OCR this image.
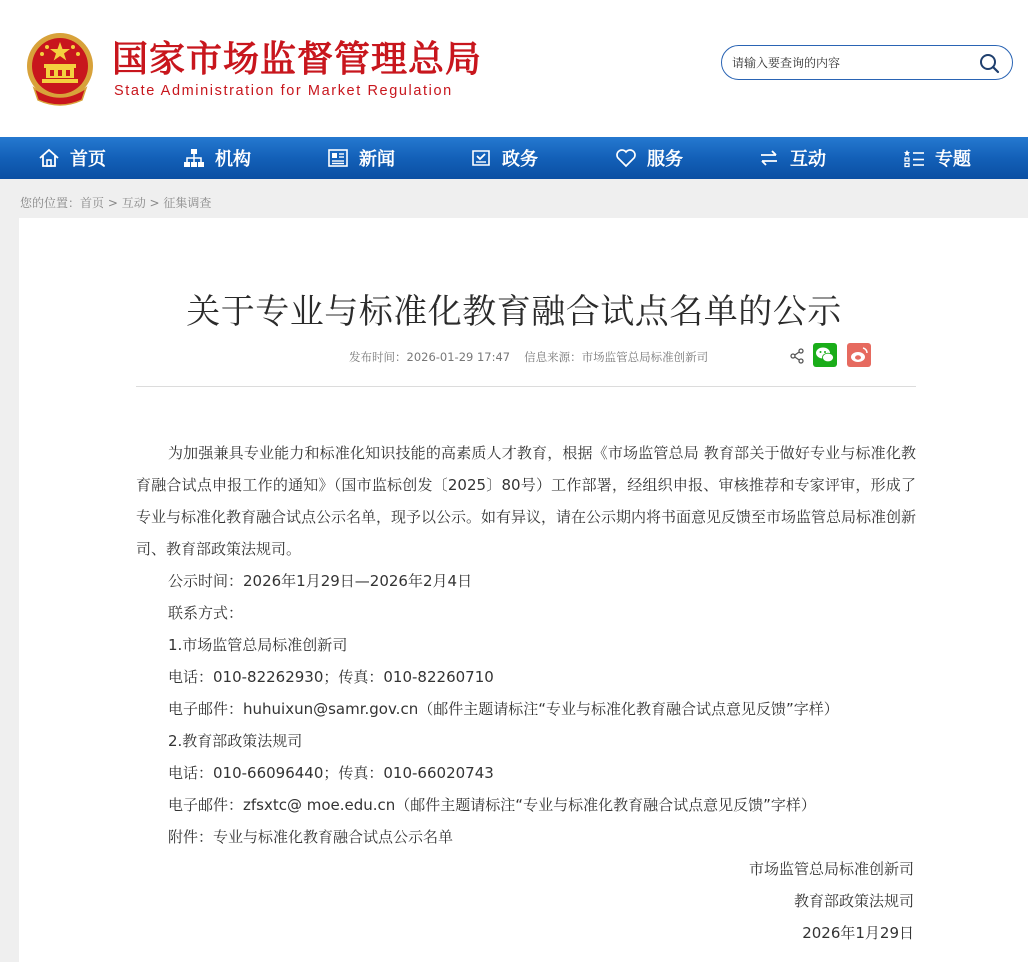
国家市场监督管理总局
State Administration for Market Regulation
请输入要查询的内容
首页	机构	新闻	政务	服务	互动	专题
您的位置：首页 > 互动 > 征集调查
关于专业与标准化教育融合试点名单的公示
发布时间：2026-01-29 17:47 信息来源：市场监管总局标准创新司
为加强兼具专业能力和标准化知识技能的高素质人才教育，根据《市场监管总局 教育部关于做好专业与标准化教育融合试点申报工作的通知》（国市监标创发〔2025〕80号）工作部署，经组织申报、审核推荐和专家评审，形成了专业与标准化教育融合试点公示名单，现予以公示。如有异议，请在公示期内将书面意见反馈至市场监管总局标准创新司、教育部政策法规司。
公示时间：2026年1月29日—2026年2月4日
联系方式：
1.市场监管总局标准创新司
电话：010-82262930；传真：010-82260710
电子邮件：huhuixun@samr.gov.cn（邮件主题请标注“专业与标准化教育融合试点意见反馈”字样）
2.教育部政策法规司
电话：010-66096440；传真：010-66020743
电子邮件：zfsxtc@ moe.edu.cn（邮件主题请标注“专业与标准化教育融合试点意见反馈”字样）
附件：专业与标准化教育融合试点公示名单
市场监管总局标准创新司
教育部政策法规司
2026年1月29日
